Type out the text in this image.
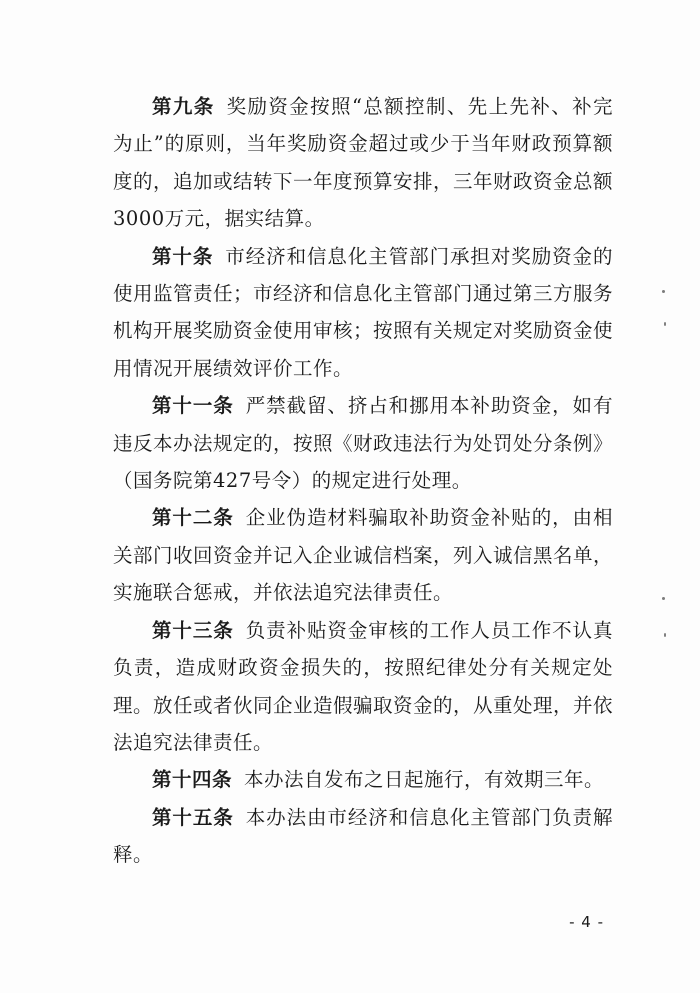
第九条 奖励资金按照“总额控制、先上先补、补完为止”的原则，当年奖励资金超过或少于当年财政预算额度的，追加或结转下一年度预算安排，三年财政资金总额3000万元，据实结算。

第十条 市经济和信息化主管部门承担对奖励资金的使用监管责任；市经济和信息化主管部门通过第三方服务机构开展奖励资金使用审核；按照有关规定对奖励资金使用情况开展绩效评价工作。

第十一条 严禁截留、挤占和挪用本补助资金，如有违反本办法规定的，按照《财政违法行为处罚处分条例》（国务院第427号令）的规定进行处理。

第十二条 企业伪造材料骗取补助资金补贴的，由相关部门收回资金并记入企业诚信档案，列入诚信黑名单，实施联合惩戒，并依法追究法律责任。

第十三条 负责补贴资金审核的工作人员工作不认真负责，造成财政资金损失的，按照纪律处分有关规定处理。放任或者伙同企业造假骗取资金的，从重处理，并依法追究法律责任。

第十四条 本办法自发布之日起施行，有效期三年。

第十五条 本办法由市经济和信息化主管部门负责解释。

- 4 -
